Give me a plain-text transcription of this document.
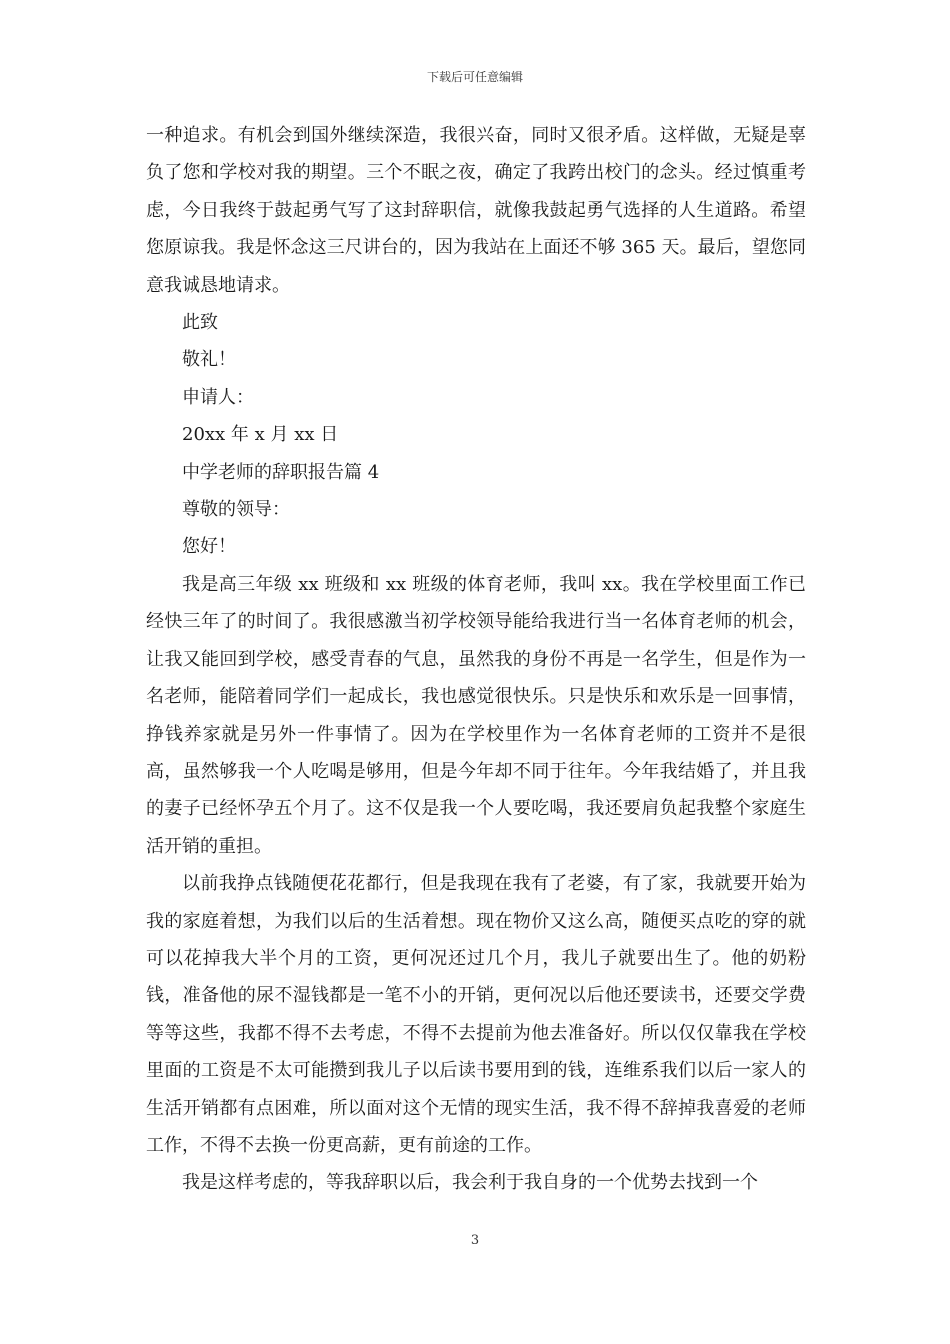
下载后可任意编辑

一种追求。有机会到国外继续深造，我很兴奋，同时又很矛盾。这样做，无疑是辜负了您和学校对我的期望。三个不眠之夜，确定了我跨出校门的念头。经过慎重考虑，今日我终于鼓起勇气写了这封辞职信，就像我鼓起勇气选择的人生道路。希望您原谅我。我是怀念这三尺讲台的，因为我站在上面还不够 365 天。最后，望您同意我诚恳地请求。

此致

敬礼！

申请人：

20xx 年 x 月 xx 日

中学老师的辞职报告篇 4

尊敬的领导：

您好！

我是高三年级 xx 班级和 xx 班级的体育老师，我叫 xx。我在学校里面工作已经快三年了的时间了。我很感激当初学校领导能给我进行当一名体育老师的机会，让我又能回到学校，感受青春的气息，虽然我的身份不再是一名学生，但是作为一名老师，能陪着同学们一起成长，我也感觉很快乐。只是快乐和欢乐是一回事情，挣钱养家就是另外一件事情了。因为在学校里作为一名体育老师的工资并不是很高，虽然够我一个人吃喝是够用，但是今年却不同于往年。今年我结婚了，并且我的妻子已经怀孕五个月了。这不仅是我一个人要吃喝，我还要肩负起我整个家庭生活开销的重担。

以前我挣点钱随便花花都行，但是我现在我有了老婆，有了家，我就要开始为我的家庭着想，为我们以后的生活着想。现在物价又这么高，随便买点吃的穿的就可以花掉我大半个月的工资，更何况还过几个月，我儿子就要出生了。他的奶粉钱，准备他的尿不湿钱都是一笔不小的开销，更何况以后他还要读书，还要交学费等等这些，我都不得不去考虑，不得不去提前为他去准备好。所以仅仅靠我在学校里面的工资是不太可能攒到我儿子以后读书要用到的钱，连维系我们以后一家人的生活开销都有点困难，所以面对这个无情的现实生活，我不得不辞掉我喜爱的老师工作，不得不去换一份更高薪，更有前途的工作。

我是这样考虑的，等我辞职以后，我会利于我自身的一个优势去找到一个

3
